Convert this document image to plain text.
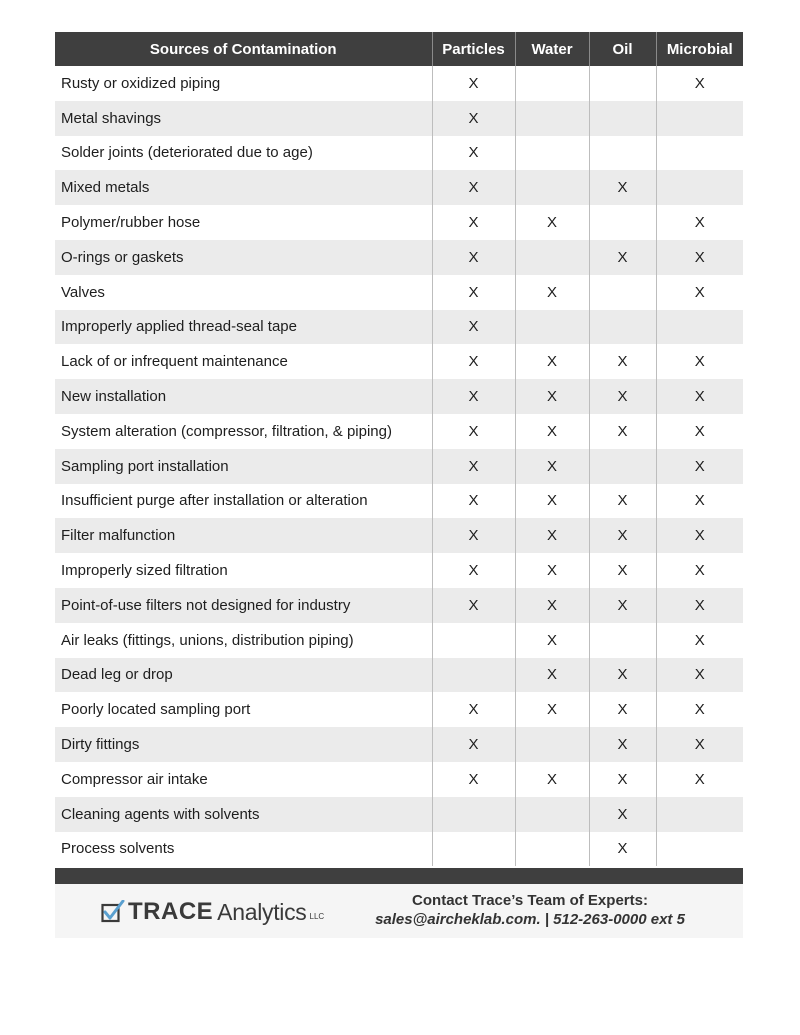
Sources of Contamination	Particles	Water	Oil	Microbial
Rusty or oxidized piping	X			X
Metal shavings	X			
Solder joints (deteriorated due to age)	X			
Mixed metals	X		X	
Polymer/rubber hose	X	X		X
O-rings or gaskets	X		X	X
Valves	X	X		X
Improperly applied thread-seal tape	X			
Lack of or infrequent maintenance	X	X	X	X
New installation	X	X	X	X
System alteration (compressor, filtration, & piping)	X	X	X	X
Sampling port installation	X	X		X
Insufficient purge after installation or alteration	X	X	X	X
Filter malfunction	X	X	X	X
Improperly sized filtration	X	X	X	X
Point-of-use filters not designed for industry	X	X	X	X
Air leaks (fittings, unions, distribution piping)		X		X
Dead leg or drop		X	X	X
Poorly located sampling port	X	X	X	X
Dirty fittings	X		X	X
Compressor air intake	X	X	X	X
Cleaning agents with solvents			X	
Process solvents			X	
TRACE Analytics LLC
Contact Trace’s Team of Experts:
sales@aircheklab.com. | 512-263-0000 ext 5
